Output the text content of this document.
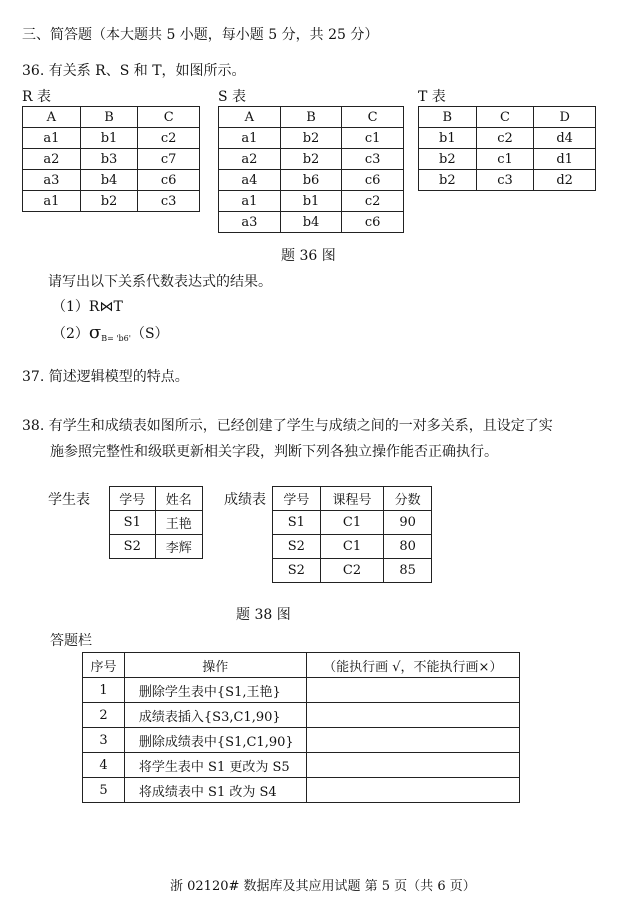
三、简答题（本大题共 5 小题，每小题 5 分，共 25 分）
36. 有关系 R、S 和 T，如图所示。
R 表	S 表	T 表
A	B	C
a1	b1	c2
a2	b3	c7
a3	b4	c6
a1	b2	c3
A	B	C
a1	b2	c1
a2	b2	c3
a4	b6	c6
a1	b1	c2
a3	b4	c6
B	C	D
b1	c2	d4
b2	c1	d1
b2	c3	d2
题 36 图
请写出以下关系代数表达式的结果。
（1）R⋈T
$(2)\sigma_{B= 'b6'}(S)$
37. 简述逻辑模型的特点。
38. 有学生和成绩表如图所示，已经创建了学生与成绩之间的一对多关系，且设定了实
施参照完整性和级联更新相关字段，判断下列各独立操作能否正确执行。
学生表	成绩表
学号	姓名
S1	王艳
S2	李辉
学号	课程号	分数
S1	C1	90
S2	C1	80
S2	C2	85
题 38 图
答题栏
序号	操作	（能执行画 √，不能执行画×）
1	删除学生表中{S1,王艳}	
2	成绩表插入{S3,C1,90}	
3	删除成绩表中{S1,C1,90}	
4	将学生表中 S1 更改为 S5	
5	将成绩表中 S1 改为 S4	
浙 02120# 数据库及其应用试题 第 5 页（共 6 页）
